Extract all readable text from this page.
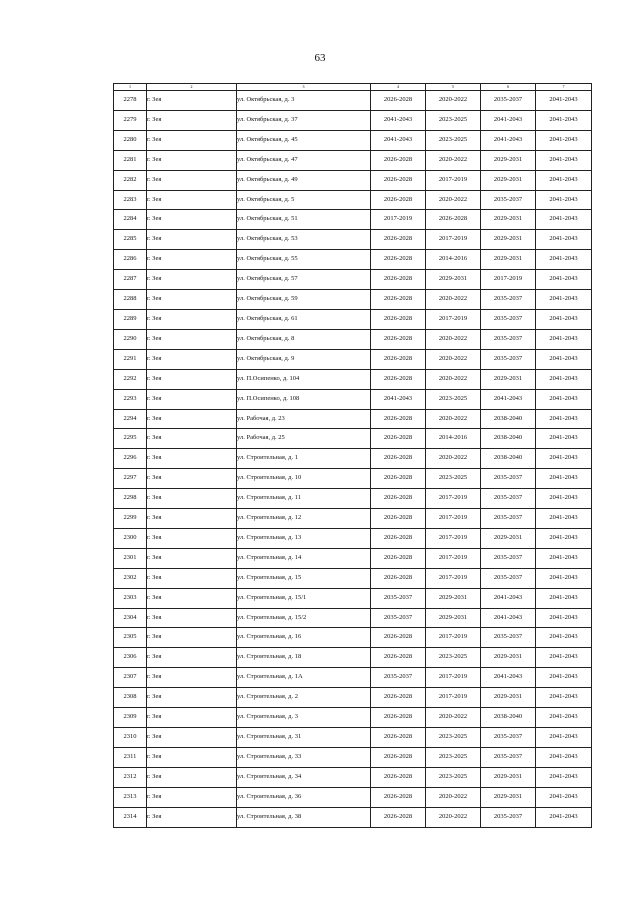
63
1	2	3	4	5	6	7
2278	г. Зея	ул. Октябрьская, д. 3	2026-2028	2020-2022	2035-2037	2041-2043
2279	г. Зея	ул. Октябрьская, д. 37	2041-2043	2023-2025	2041-2043	2041-2043
2280	г. Зея	ул. Октябрьская, д. 45	2041-2043	2023-2025	2041-2043	2041-2043
2281	г. Зея	ул. Октябрьская, д. 47	2026-2028	2020-2022	2029-2031	2041-2043
2282	г. Зея	ул. Октябрьская, д. 49	2026-2028	2017-2019	2029-2031	2041-2043
2283	г. Зея	ул. Октябрьская, д. 5	2026-2028	2020-2022	2035-2037	2041-2043
2284	г. Зея	ул. Октябрьская, д. 51	2017-2019	2026-2028	2029-2031	2041-2043
2285	г. Зея	ул. Октябрьская, д. 53	2026-2028	2017-2019	2029-2031	2041-2043
2286	г. Зея	ул. Октябрьская, д. 55	2026-2028	2014-2016	2029-2031	2041-2043
2287	г. Зея	ул. Октябрьская, д. 57	2026-2028	2029-2031	2017-2019	2041-2043
2288	г. Зея	ул. Октябрьская, д. 59	2026-2028	2020-2022	2035-2037	2041-2043
2289	г. Зея	ул. Октябрьская, д. 61	2026-2028	2017-2019	2035-2037	2041-2043
2290	г. Зея	ул. Октябрьская, д. 8	2026-2028	2020-2022	2035-2037	2041-2043
2291	г. Зея	ул. Октябрьская, д. 9	2026-2028	2020-2022	2035-2037	2041-2043
2292	г. Зея	ул. П.Осипенко, д. 104	2026-2028	2020-2022	2029-2031	2041-2043
2293	г. Зея	ул. П.Осипенко, д. 108	2041-2043	2023-2025	2041-2043	2041-2043
2294	г. Зея	ул. Рабочая, д. 23	2026-2028	2020-2022	2038-2040	2041-2043
2295	г. Зея	ул. Рабочая, д. 25	2026-2028	2014-2016	2038-2040	2041-2043
2296	г. Зея	ул. Строительная, д. 1	2026-2028	2020-2022	2038-2040	2041-2043
2297	г. Зея	ул. Строительная, д. 10	2026-2028	2023-2025	2035-2037	2041-2043
2298	г. Зея	ул. Строительная, д. 11	2026-2028	2017-2019	2035-2037	2041-2043
2299	г. Зея	ул. Строительная, д. 12	2026-2028	2017-2019	2035-2037	2041-2043
2300	г. Зея	ул. Строительная, д. 13	2026-2028	2017-2019	2029-2031	2041-2043
2301	г. Зея	ул. Строительная, д. 14	2026-2028	2017-2019	2035-2037	2041-2043
2302	г. Зея	ул. Строительная, д. 15	2026-2028	2017-2019	2035-2037	2041-2043
2303	г. Зея	ул. Строительная, д. 15/1	2035-2037	2029-2031	2041-2043	2041-2043
2304	г. Зея	ул. Строительная, д. 15/2	2035-2037	2029-2031	2041-2043	2041-2043
2305	г. Зея	ул. Строительная, д. 16	2026-2028	2017-2019	2035-2037	2041-2043
2306	г. Зея	ул. Строительная, д. 18	2026-2028	2023-2025	2029-2031	2041-2043
2307	г. Зея	ул. Строительная, д. 1А	2035-2037	2017-2019	2041-2043	2041-2043
2308	г. Зея	ул. Строительная, д. 2	2026-2028	2017-2019	2029-2031	2041-2043
2309	г. Зея	ул. Строительная, д. 3	2026-2028	2020-2022	2038-2040	2041-2043
2310	г. Зея	ул. Строительная, д. 31	2026-2028	2023-2025	2035-2037	2041-2043
2311	г. Зея	ул. Строительная, д. 33	2026-2028	2023-2025	2035-2037	2041-2043
2312	г. Зея	ул. Строительная, д. 34	2026-2028	2023-2025	2029-2031	2041-2043
2313	г. Зея	ул. Строительная, д. 36	2026-2028	2020-2022	2029-2031	2041-2043
2314	г. Зея	ул. Строительная, д. 38	2026-2028	2020-2022	2035-2037	2041-2043
